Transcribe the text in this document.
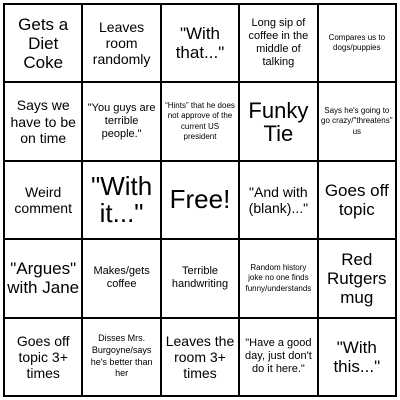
Gets a Diet Coke
Leaves room randomly
"With that..."
Long sip of coffee in the middle of talking
Compares us to dogs/puppies
Says we have to be on time
"You guys are terrible people."
“Hints” that he does not approve of the current US president
Funky Tie
Says he's going to go crazy/"threatens" us
Weird comment
"With it..."	Free!	"And with (blank)..."
Goes off topic
"Argues" with Jane
Makes/gets coffee
Terrible handwriting
Random history joke no one finds funny/understands
Red Rutgers mug
Goes off topic 3+ times
Disses Mrs. Burgoyne/says he's better than her
Leaves the room 3+ times
"Have a good day, just don't do it here."
"With this..."
